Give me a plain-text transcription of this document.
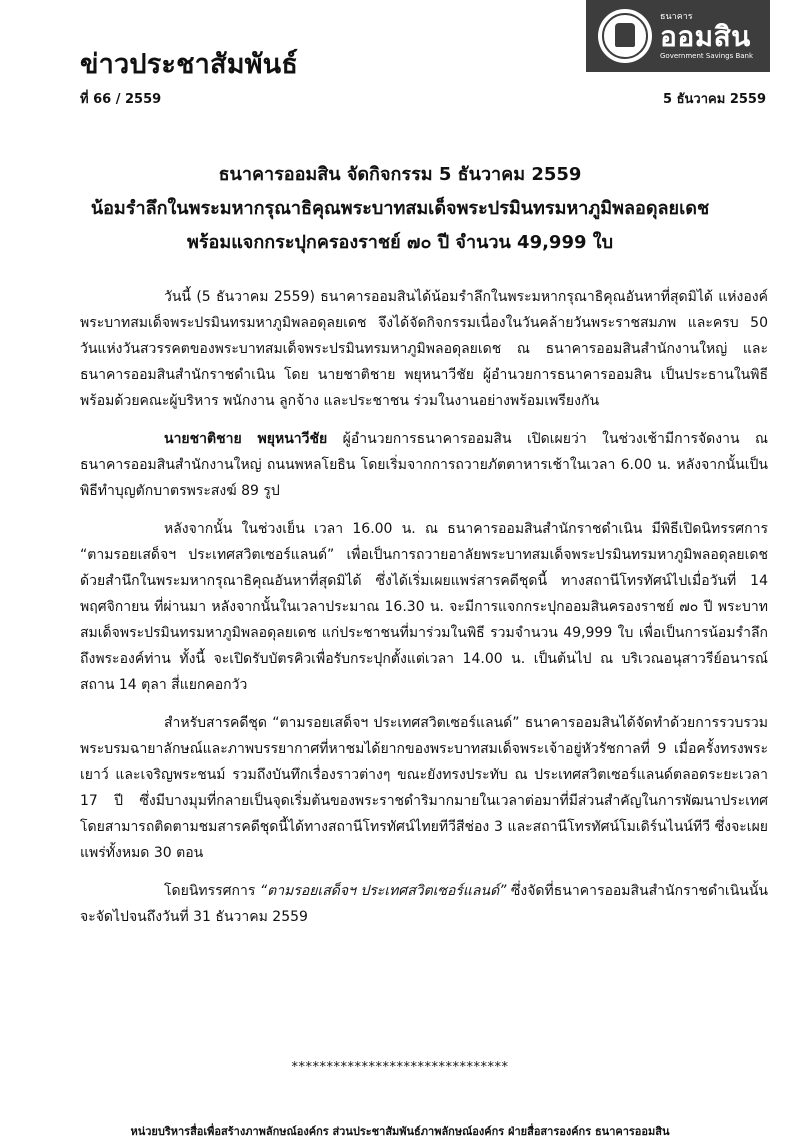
ข่าวประชาสัมพันธ์
ธนาคาร
ออมสิน
Government Savings Bank
ที่ 66 / 2559	5 ธันวาคม 2559
ธนาคารออมสิน จัดกิจกรรม 5 ธันวาคม 2559
น้อมรำลึกในพระมหากรุณาธิคุณพระบาทสมเด็จพระปรมินทรมหาภูมิพลอดุลยเดช
พร้อมแจกกระปุกครองราชย์ ๗๐ ปี จำนวน 49,999 ใบ

วันนี้ (5 ธันวาคม 2559) ธนาคารออมสินได้น้อมรำลึกในพระมหากรุณาธิคุณอันหาที่สุดมิได้ แห่งองค์พระบาทสมเด็จพระปรมินทรมหาภูมิพลอดุลยเดช จึงได้จัดกิจกรรมเนื่องในวันคล้ายวันพระราชสมภพ และครบ 50 วันแห่งวันสวรรคตของพระบาทสมเด็จพระปรมินทรมหาภูมิพลอดุลยเดช ณ ธนาคารออมสินสำนักงานใหญ่ และธนาคารออมสินสำนักราชดำเนิน โดย นายชาติชาย พยุหนาวีชัย ผู้อำนวยการธนาคารออมสิน เป็นประธานในพิธี พร้อมด้วยคณะผู้บริหาร พนักงาน ลูกจ้าง และประชาชน ร่วมในงานอย่างพร้อมเพรียงกัน

นายชาติชาย พยุหนาวีชัย ผู้อำนวยการธนาคารออมสิน เปิดเผยว่า ในช่วงเช้ามีการจัดงาน ณ ธนาคารออมสินสำนักงานใหญ่ ถนนพหลโยธิน โดยเริ่มจากการถวายภัตตาหารเช้าในเวลา 6.00 น. หลังจากนั้นเป็นพิธีทำบุญตักบาตรพระสงฆ์ 89 รูป

หลังจากนั้น ในช่วงเย็น เวลา 16.00 น. ณ ธนาคารออมสินสำนักราชดำเนิน มีพิธีเปิดนิทรรศการ “ตามรอยเสด็จฯ ประเทศสวิตเซอร์แลนด์” เพื่อเป็นการถวายอาลัยพระบาทสมเด็จพระปรมินทรมหาภูมิพลอดุลยเดช ด้วยสำนึกในพระมหากรุณาธิคุณอันหาที่สุดมิได้ ซึ่งได้เริ่มเผยแพร่สารคดีชุดนี้ ทางสถานีโทรทัศน์ไปเมื่อวันที่ 14 พฤศจิกายน ที่ผ่านมา หลังจากนั้นในเวลาประมาณ 16.30 น. จะมีการแจกกระปุกออมสินครองราชย์ ๗๐ ปี พระบาทสมเด็จพระปรมินทรมหาภูมิพลอดุลยเดช แก่ประชาชนที่มาร่วมในพิธี รวมจำนวน 49,999 ใบ เพื่อเป็นการน้อมรำลึกถึงพระองค์ท่าน ทั้งนี้ จะเปิดรับบัตรคิวเพื่อรับกระปุกตั้งแต่เวลา 14.00 น. เป็นต้นไป ณ บริเวณอนุสาวรีย์อนารณ์สถาน 14 ตุลา สี่แยกคอกวัว

สำหรับสารคดีชุด “ตามรอยเสด็จฯ ประเทศสวิตเซอร์แลนด์” ธนาคารออมสินได้จัดทำด้วยการรวบรวมพระบรมฉายาลักษณ์และภาพบรรยากาศที่หาชมได้ยากของพระบาทสมเด็จพระเจ้าอยู่หัวรัชกาลที่ 9 เมื่อครั้งทรงพระเยาว์ และเจริญพระชนม์ รวมถึงบันทึกเรื่องราวต่างๆ ขณะยังทรงประทับ ณ ประเทศสวิตเซอร์แลนด์ตลอดระยะเวลา 17 ปี ซึ่งมีบางมุมที่กลายเป็นจุดเริ่มต้นของพระราชดำริมากมายในเวลาต่อมาที่มีส่วนสำคัญในการพัฒนาประเทศ โดยสามารถติดตามชมสารคดีชุดนี้ได้ทางสถานีโทรทัศน์ไทยทีวีสีช่อง 3 และสถานีโทรทัศน์โมเดิร์นไนน์ทีวี ซึ่งจะเผยแพร่ทั้งหมด 30 ตอน

โดยนิทรรศการ “ตามรอยเสด็จฯ ประเทศสวิตเซอร์แลนด์” ซึ่งจัดที่ธนาคารออมสินสำนักราชดำเนินนั้น จะจัดไปจนถึงวันที่ 31 ธันวาคม 2559

*******************************
หน่วยบริหารสื่อเพื่อสร้างภาพลักษณ์องค์กร ส่วนประชาสัมพันธ์ภาพลักษณ์องค์กร ฝ่ายสื่อสารองค์กร ธนาคารออมสิน
